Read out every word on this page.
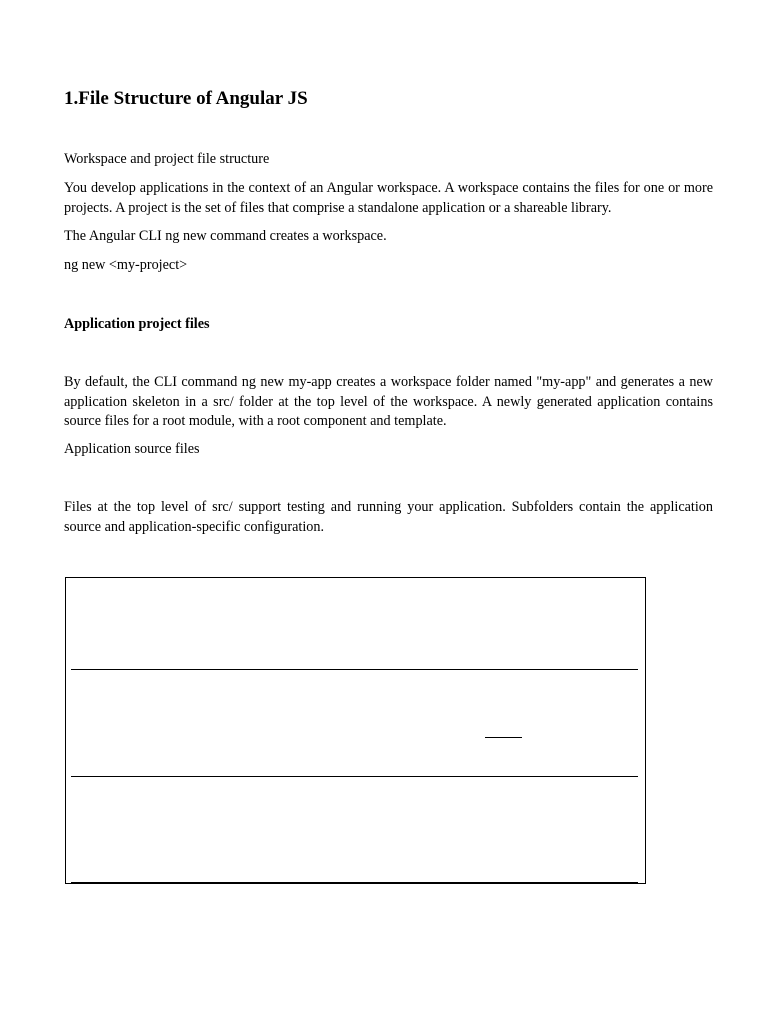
1.File Structure of Angular JS

Workspace and project file structure

You develop applications in the context of an Angular workspace. A workspace contains the files for one or more projects. A project is the set of files that comprise a standalone application or a shareable library.

The Angular CLI ng new command creates a workspace.

ng new <my-project>

Application project files

By default, the CLI command ng new my-app creates a workspace folder named "my-app" and generates a new application skeleton in a src/ folder at the top level of the workspace. A newly generated application contains source files for a root module, with a root component and template.

Application source files

Files at the top level of src/ support testing and running your application. Subfolders contain the application source and application-specific configuration.
